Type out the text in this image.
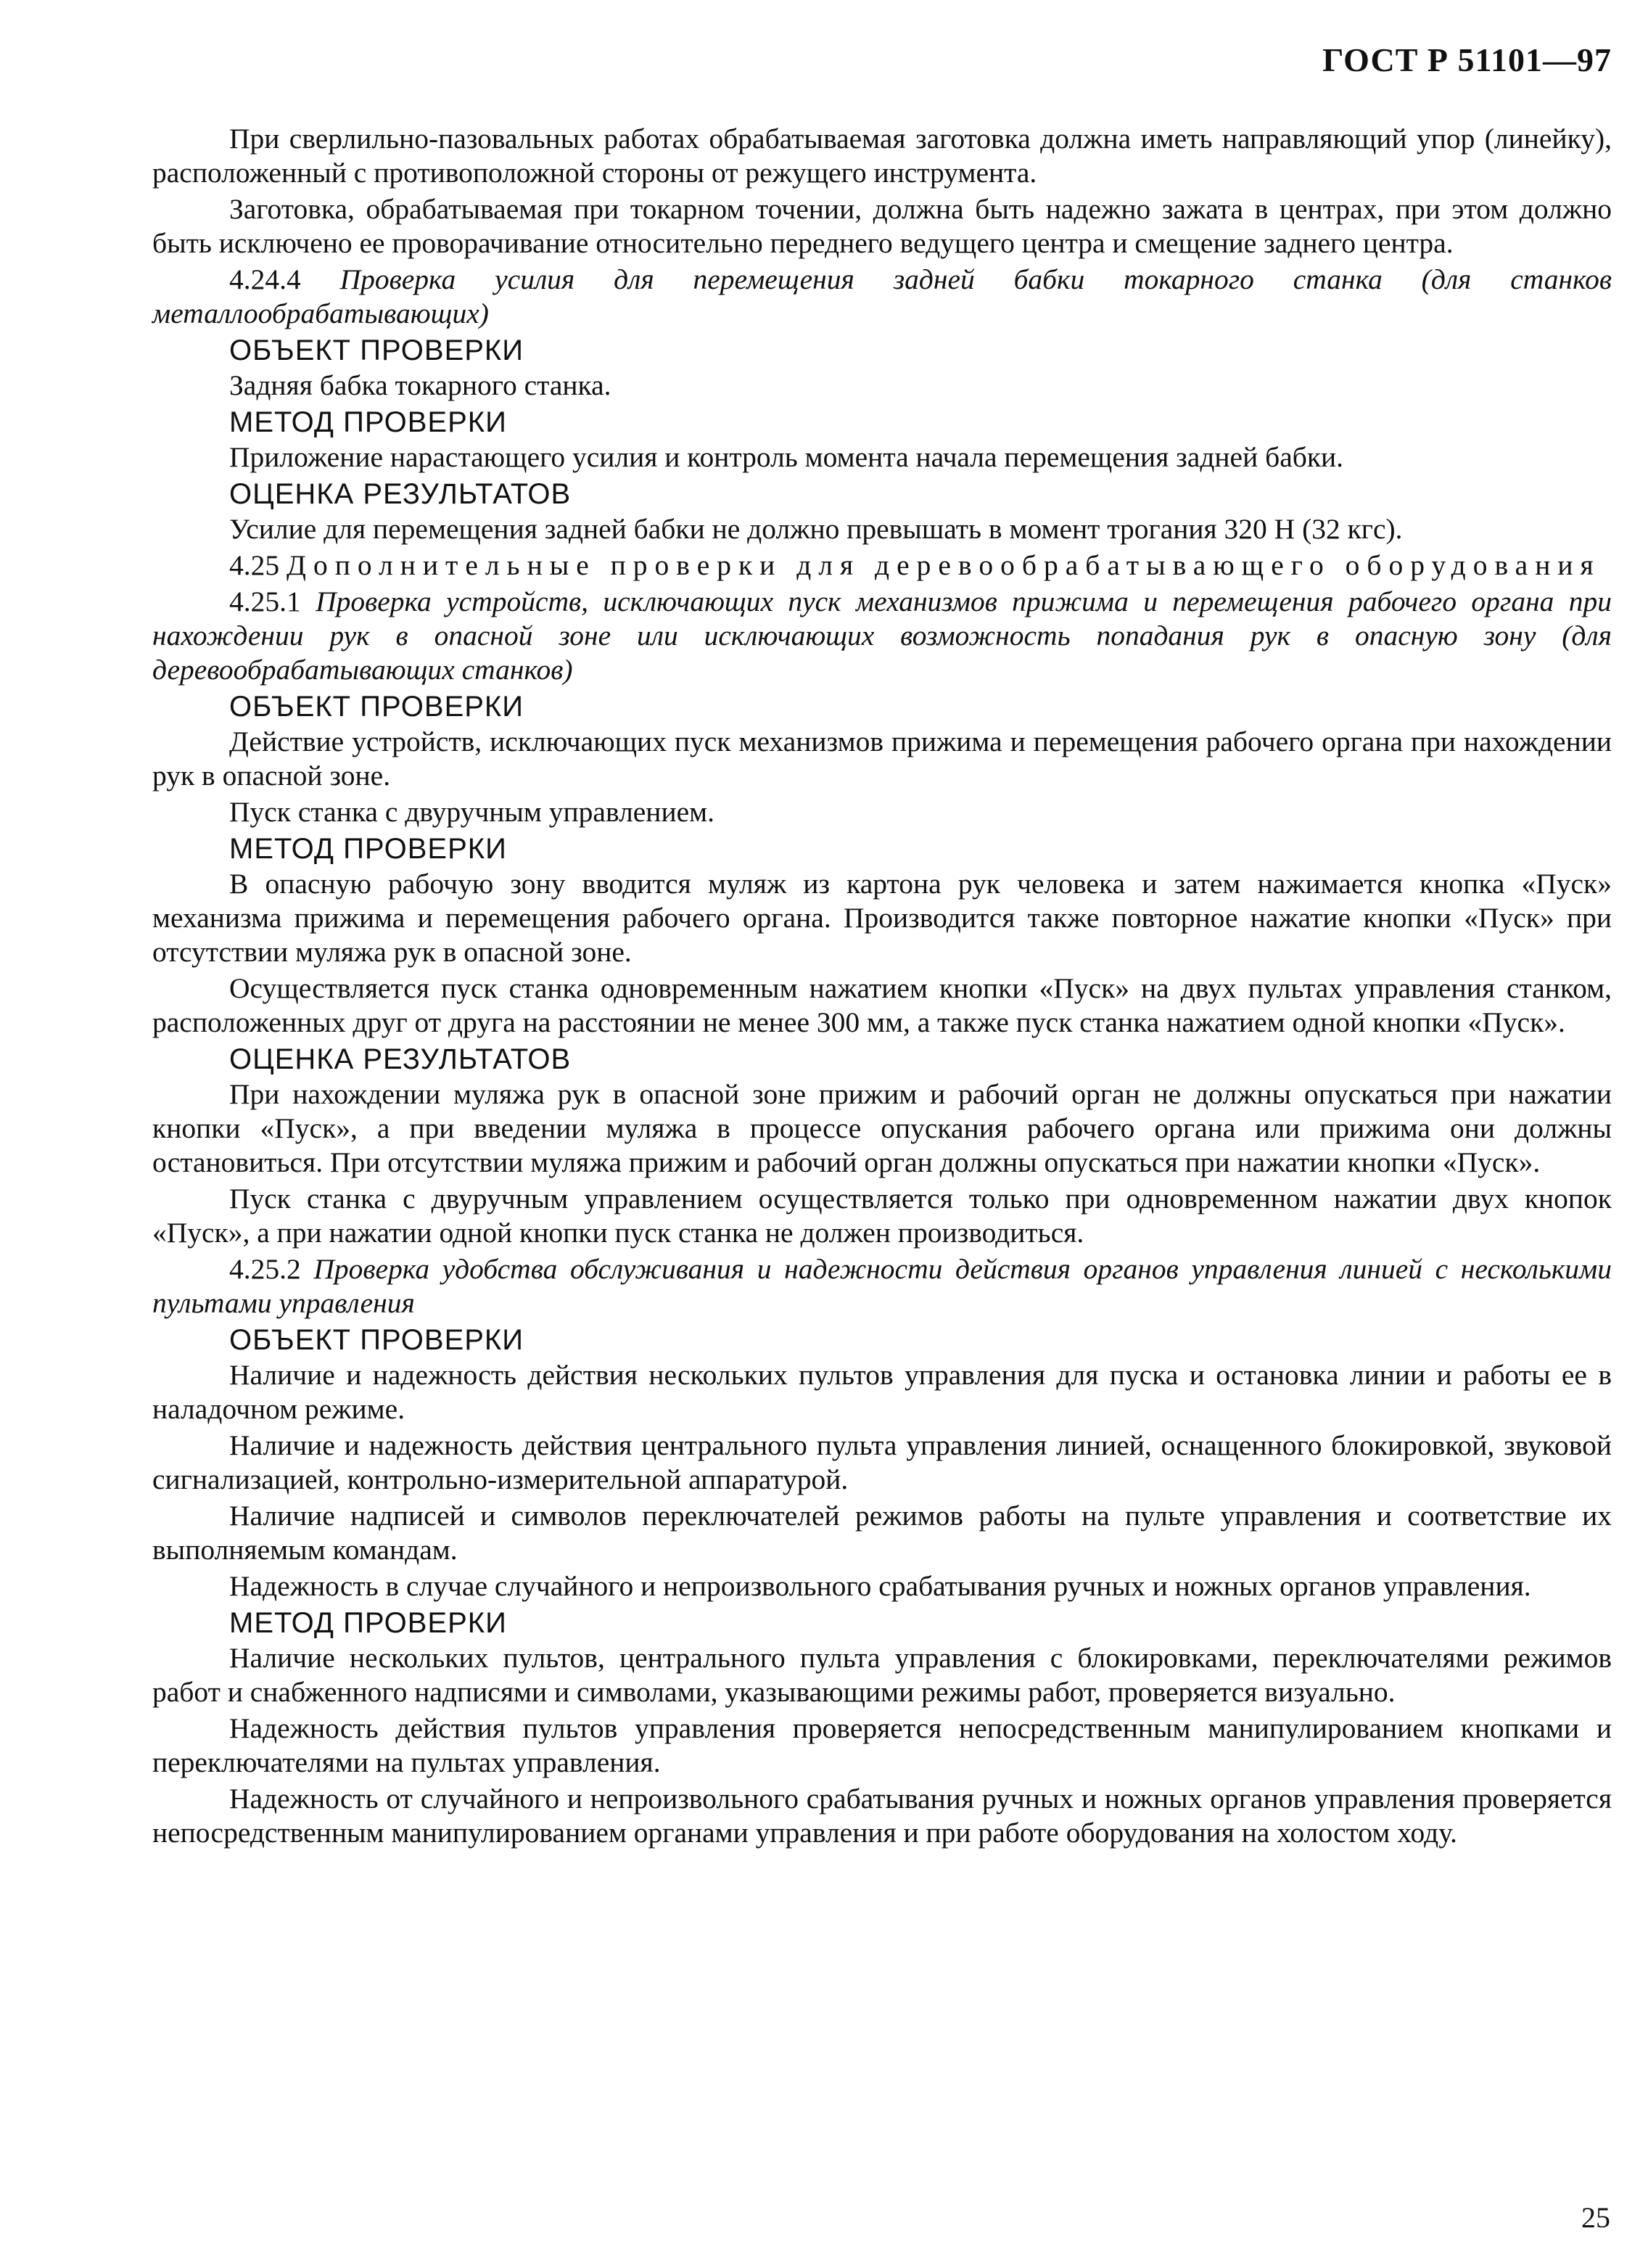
ГОСТ Р 51101—97
При сверлильно-пазовальных работах обрабатываемая заготовка должна иметь направляющий упор (линейку), расположенный с противоположной стороны от режущего инструмента.
Заготовка, обрабатываемая при токарном точении, должна быть надежно зажата в центрах, при этом должно быть исключено ее проворачивание относительно переднего ведущего центра и смещение заднего центра.
4.24.4 Проверка усилия для перемещения задней бабки токарного станка (для станков металлообрабатывающих)
ОБЪЕКТ ПРОВЕРКИ
Задняя бабка токарного станка.
МЕТОД ПРОВЕРКИ
Приложение нарастающего усилия и контроль момента начала перемещения задней бабки.
ОЦЕНКА РЕЗУЛЬТАТОВ
Усилие для перемещения задней бабки не должно превышать в момент трогания 320 Н (32 кгс).
4.25 Дополнительные проверки для деревообрабатывающего оборудования
4.25.1 Проверка устройств, исключающих пуск механизмов прижима и перемещения рабочего органа при нахождении рук в опасной зоне или исключающих возможность попадания рук в опасную зону (для деревообрабатывающих станков)
ОБЪЕКТ ПРОВЕРКИ
Действие устройств, исключающих пуск механизмов прижима и перемещения рабочего органа при нахождении рук в опасной зоне.
Пуск станка с двуручным управлением.
МЕТОД ПРОВЕРКИ
В опасную рабочую зону вводится муляж из картона рук человека и затем нажимается кнопка «Пуск» механизма прижима и перемещения рабочего органа. Производится также повторное нажатие кнопки «Пуск» при отсутствии муляжа рук в опасной зоне.
Осуществляется пуск станка одновременным нажатием кнопки «Пуск» на двух пультах управления станком, расположенных друг от друга на расстоянии не менее 300 мм, а также пуск станка нажатием одной кнопки «Пуск».
ОЦЕНКА РЕЗУЛЬТАТОВ
При нахождении муляжа рук в опасной зоне прижим и рабочий орган не должны опускаться при нажатии кнопки «Пуск», а при введении муляжа в процессе опускания рабочего органа или прижима они должны остановиться. При отсутствии муляжа прижим и рабочий орган должны опускаться при нажатии кнопки «Пуск».
Пуск станка с двуручным управлением осуществляется только при одновременном нажатии двух кнопок «Пуск», а при нажатии одной кнопки пуск станка не должен производиться.
4.25.2 Проверка удобства обслуживания и надежности действия органов управления линией с несколькими пультами управления
ОБЪЕКТ ПРОВЕРКИ
Наличие и надежность действия нескольких пультов управления для пуска и остановка линии и работы ее в наладочном режиме.
Наличие и надежность действия центрального пульта управления линией, оснащенного блокировкой, звуковой сигнализацией, контрольно-измерительной аппаратурой.
Наличие надписей и символов переключателей режимов работы на пульте управления и соответствие их выполняемым командам.
Надежность в случае случайного и непроизвольного срабатывания ручных и ножных органов управления.
МЕТОД ПРОВЕРКИ
Наличие нескольких пультов, центрального пульта управления с блокировками, переключателями режимов работ и снабженного надписями и символами, указывающими режимы работ, проверяется визуально.
Надежность действия пультов управления проверяется непосредственным манипулированием кнопками и переключателями на пультах управления.
Надежность от случайного и непроизвольного срабатывания ручных и ножных органов управления проверяется непосредственным манипулированием органами управления и при работе оборудования на холостом ходу.
25
